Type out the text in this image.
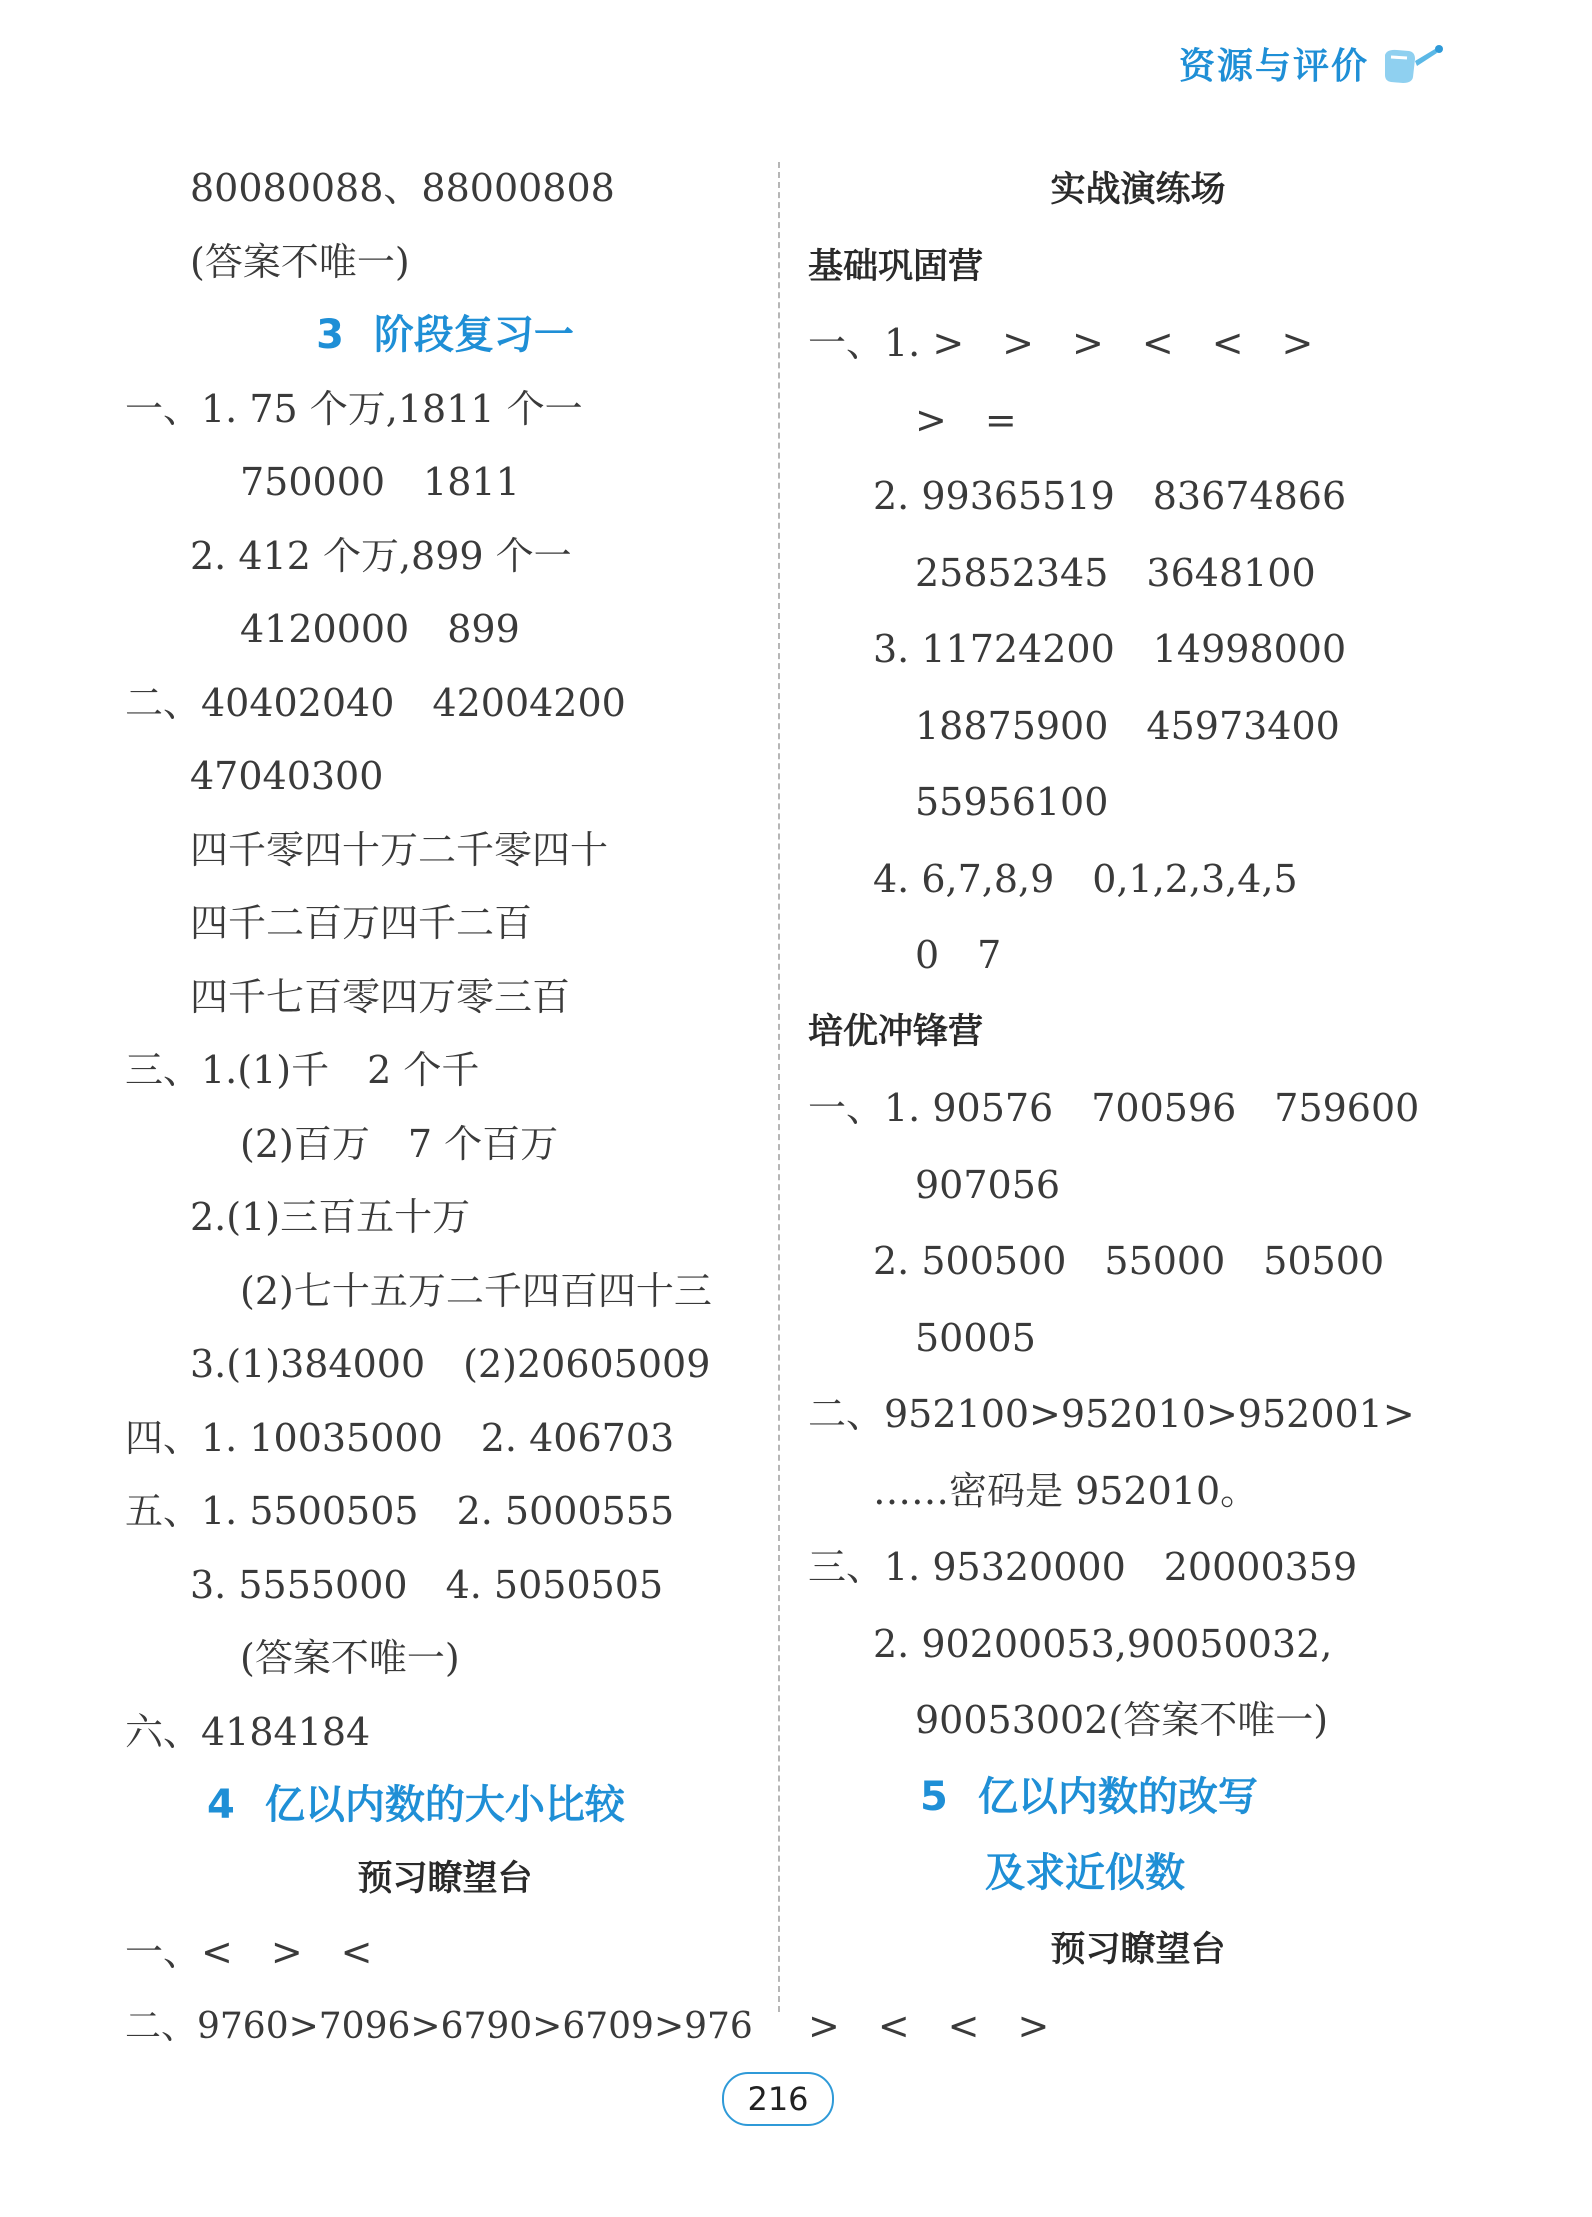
资源与评价
80080088、88000808
(答案不唯一)
3 阶段复习一
一、1. 75 个万,1811 个一
750000　1811
2. 412 个万,899 个一
4120000　899
二、40402040　42004200
47040300
四千零四十万二千零四十
四千二百万四千二百
四千七百零四万零三百
三、1.(1)千　2 个千
(2)百万　7 个百万
2.(1)三百五十万
(2)七十五万二千四百四十三
3.(1)384000　(2)20605009
四、1. 10035000　2. 406703
五、1. 5500505　2. 5000555
3. 5555000　4. 5050505
(答案不唯一)
六、4184184
4 亿以内数的大小比较
预习瞭望台
一、<　>　<
二、9760>7096>6790>6709>976
实战演练场
基础巩固营
一、1. >　>　>　<　<　>
>　=
2. 99365519　83674866
25852345　3648100
3. 11724200　14998000
18875900　45973400
55956100
4. 6,7,8,9　0,1,2,3,4,5
0　7
培优冲锋营
一、1. 90576　700596　759600
907056
2. 500500　55000　50500
50005
二、952100>952010>952001>
……密码是 952010。
三、1. 95320000　20000359
2. 90200053,90050032,
90053002(答案不唯一)
5 亿以内数的改写
及求近似数
预习瞭望台
>　<　<　>
216
